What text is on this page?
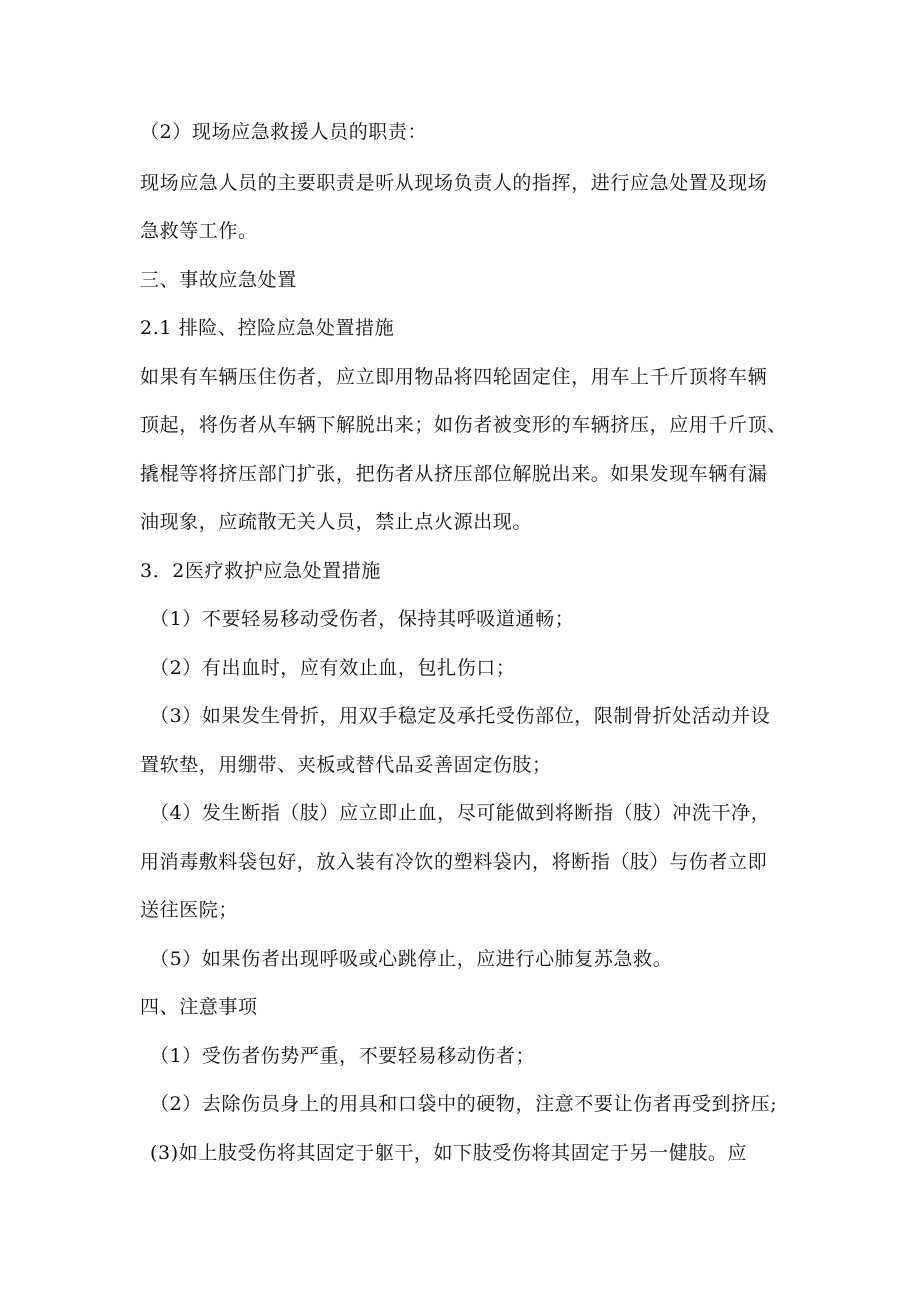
（2）现场应急救援人员的职责：
现场应急人员的主要职责是听从现场负责人的指挥，进行应急处置及现场
急救等工作。
三、事故应急处置
2.1 排险、控险应急处置措施
如果有车辆压住伤者，应立即用物品将四轮固定住，用车上千斤顶将车辆
顶起，将伤者从车辆下解脱出来；如伤者被变形的车辆挤压，应用千斤顶、
撬棍等将挤压部门扩张，把伤者从挤压部位解脱出来。如果发现车辆有漏
油现象，应疏散无关人员，禁止点火源出现。
3．2医疗救护应急处置措施
（1）不要轻易移动受伤者，保持其呼吸道通畅；
（2）有出血时，应有效止血，包扎伤口；
（3）如果发生骨折，用双手稳定及承托受伤部位，限制骨折处活动并设
置软垫，用绷带、夹板或替代品妥善固定伤肢；
（4）发生断指（肢）应立即止血，尽可能做到将断指（肢）冲洗干净，
用消毒敷料袋包好，放入装有冷饮的塑料袋内，将断指（肢）与伤者立即
送往医院；
（5）如果伤者出现呼吸或心跳停止，应进行心肺复苏急救。
四、注意事项
（1）受伤者伤势严重，不要轻易移动伤者；
（2）去除伤员身上的用具和口袋中的硬物，注意不要让伤者再受到挤压;
(3)如上肢受伤将其固定于躯干，如下肢受伤将其固定于另一健肢。应
